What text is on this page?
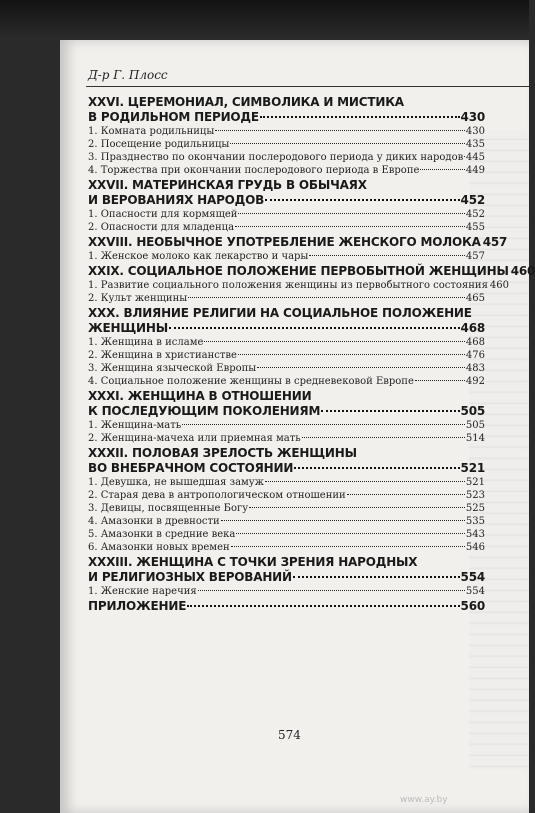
Д-р Г. Плосс
XXVI. ЦЕРЕМОНИАЛ, СИМВОЛИКА И МИСТИКА
В РОДИЛЬНОМ ПЕРИОДЕ	430
1. Комната родильницы	430
2. Посещение родильницы	435
3. Празднество по окончании послеродового периода у диких народов 445
4. Торжества при окончании послеродового периода в Европе	449
XXVII. МАТЕРИНСКАЯ ГРУДЬ В ОБЫЧАЯХ
И ВЕРОВАНИЯХ НАРОДОВ	452
1. Опасности для кормящей	452
2. Опасности для младенца	455
XXVIII. НЕОБЫЧНОЕ УПОТРЕБЛЕНИЕ ЖЕНСКОГО МОЛОКА 457
1. Женское молоко как лекарство и чары	457
XXIX. СОЦИАЛЬНОЕ ПОЛОЖЕНИЕ ПЕРВОБЫТНОЙ ЖЕНЩИНЫ 460
1. Развитие социального положения женщины из первобытного состояния 460
2. Культ женщины	465
XXX. ВЛИЯНИЕ РЕЛИГИИ НА СОЦИАЛЬНОЕ ПОЛОЖЕНИЕ
ЖЕНЩИНЫ	468
1. Женщина в исламе	468
2. Женщина в христианстве	476
3. Женщина языческой Европы	483
4. Социальное положение женщины в средневековой Европе	492
XXXI. ЖЕНЩИНА В ОТНОШЕНИИ
К ПОСЛЕДУЮЩИМ ПОКОЛЕНИЯМ	505
1. Женщина-мать	505
2. Женщина-мачеха или приемная мать	514
XXXII. ПОЛОВАЯ ЗРЕЛОСТЬ ЖЕНЩИНЫ
ВО ВНЕБРАЧНОМ СОСТОЯНИИ	521
1. Девушка, не вышедшая замуж	521
2. Старая дева в антропологическом отношении	523
3. Девицы, посвященные Богу	525
4. Амазонки в древности	535
5. Амазонки в средние века	543
6. Амазонки новых времен	546
XXXIII. ЖЕНЩИНА С ТОЧКИ ЗРЕНИЯ НАРОДНЫХ
И РЕЛИГИОЗНЫХ ВЕРОВАНИЙ	554
1. Женские наречия	554
ПРИЛОЖЕНИЕ	560
574
www.ay.by
